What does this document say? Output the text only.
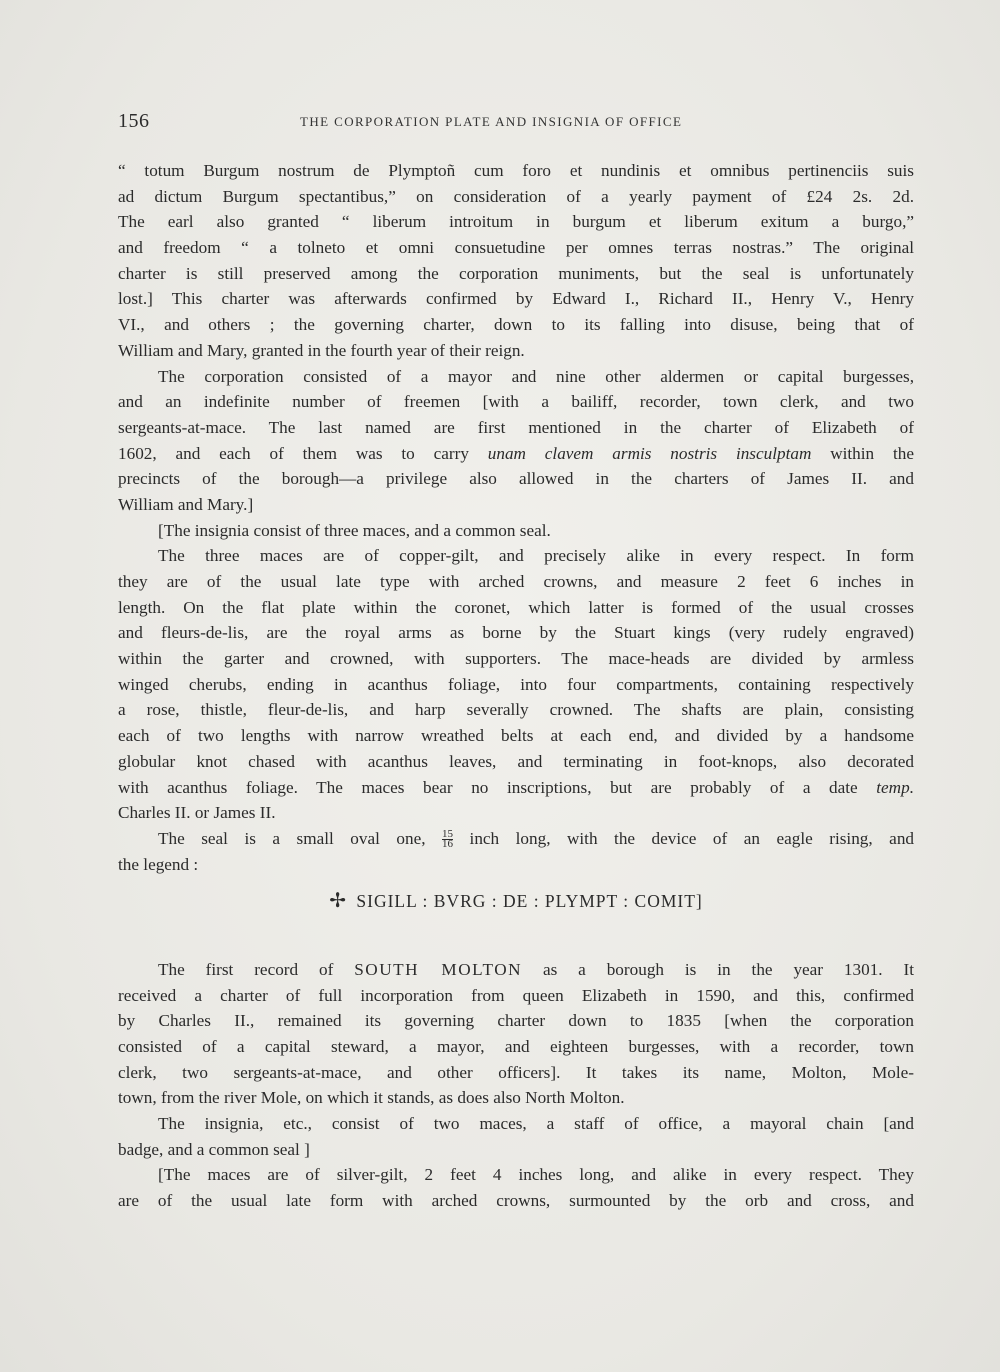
156	THE CORPORATION PLATE AND INSIGNIA OF OFFICE
“ totum Burgum nostrum de Plymptoñ cum foro et nundinis et omnibus pertinenciis suis
ad dictum Burgum spectantibus,” on consideration of a yearly payment of £24 2s. 2d.
The earl also granted “ liberum introitum in burgum et liberum exitum a burgo,”
and freedom “ a tolneto et omni consuetudine per omnes terras nostras.” The original
charter is still preserved among the corporation muniments, but the seal is unfortunately
lost.] This charter was afterwards confirmed by Edward I., Richard II., Henry V., Henry
VI., and others ; the governing charter, down to its falling into disuse, being that of
William and Mary, granted in the fourth year of their reign.
The corporation consisted of a mayor and nine other aldermen or capital burgesses,
and an indefinite number of freemen [with a bailiff, recorder, town clerk, and two
sergeants-at-mace. The last named are first mentioned in the charter of Elizabeth of
1602, and each of them was to carry unam clavem armis nostris insculptam within the
precincts of the borough—a privilege also allowed in the charters of James II. and
William and Mary.]
[The insignia consist of three maces, and a common seal.
The three maces are of copper-gilt, and precisely alike in every respect. In form
they are of the usual late type with arched crowns, and measure 2 feet 6 inches in
length. On the flat plate within the coronet, which latter is formed of the usual crosses
and fleurs-de-lis, are the royal arms as borne by the Stuart kings (very rudely engraved)
within the garter and crowned, with supporters. The mace-heads are divided by armless
winged cherubs, ending in acanthus foliage, into four compartments, containing respectively
a rose, thistle, fleur-de-lis, and harp severally crowned. The shafts are plain, consisting
each of two lengths with narrow wreathed belts at each end, and divided by a handsome
globular knot chased with acanthus leaves, and terminating in foot-knops, also decorated
with acanthus foliage. The maces bear no inscriptions, but are probably of a date temp.
Charles II. or James II.
The seal is a small oval one, $\frac{15}{16}$ inch long, with the device of an eagle rising, and
the legend :
✢ SIGILL : BVRG : DE : PLYMPT : COMIT]
The first record of SOUTH MOLTON as a borough is in the year 1301. It
received a charter of full incorporation from queen Elizabeth in 1590, and this, confirmed
by Charles II., remained its governing charter down to 1835 [when the corporation
consisted of a capital steward, a mayor, and eighteen burgesses, with a recorder, town
clerk, two sergeants-at-mace, and other officers]. It takes its name, Molton, Mole-
town, from the river Mole, on which it stands, as does also North Molton.
The insignia, etc., consist of two maces, a staff of office, a mayoral chain [and
badge, and a common seal ]
[The maces are of silver-gilt, 2 feet 4 inches long, and alike in every respect. They
are of the usual late form with arched crowns, surmounted by the orb and cross, and
